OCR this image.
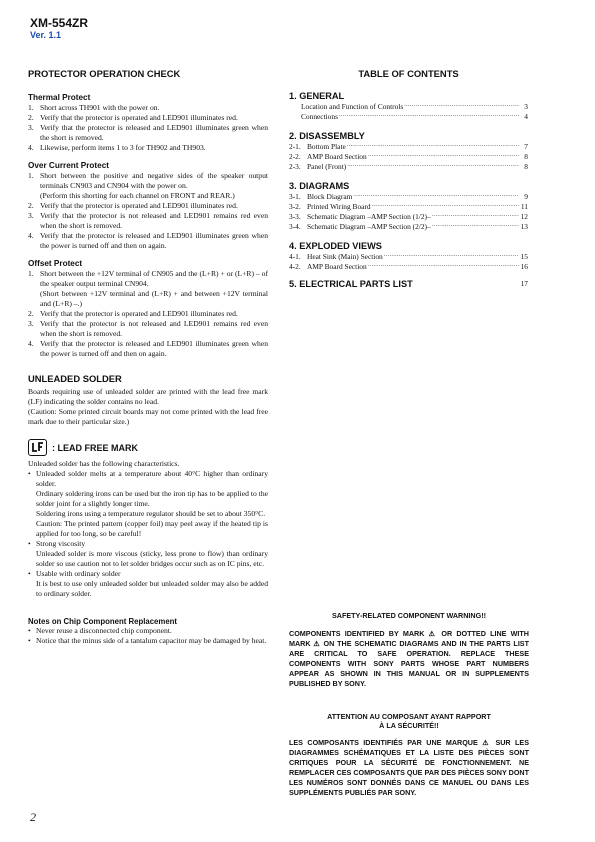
XM-554ZR
Ver. 1.1
PROTECTOR OPERATION CHECK
Thermal Protect
1. Short across TH901 with the power on.
2. Verify that the protector is operated and LED901 illuminates red.
3. Verify that the protector is released and LED901 illuminates green when the short is removed.
4. Likewise, perform items 1 to 3 for TH902 and TH903.
Over Current Protect
1. Short between the positive and negative sides of the speaker output terminals CN903 and CN904 with the power on.
(Perform this shorting for each channel on FRONT and REAR.)
2. Verify that the protector is operated and LED901 illuminates red.
3. Verify that the protector is not released and LED901 remains red even when the short is removed.
4. Verify that the protector is released and LED901 illuminates green when the power is turned off and then on again.
Offset Protect
1. Short between the +12V terminal of CN905 and the (L+R) + or (L+R) – of the speaker output terminal CN904.
(Short between +12V terminal and (L+R) + and between +12V terminal and (L+R) –.)
2. Verify that the protector is operated and LED901 illuminates red.
3. Verify that the protector is not released and LED901 remains red even when the short is removed.
4. Verify that the protector is released and LED901 illuminates green when the power is turned off and then on again.
UNLEADED SOLDER

Boards requiring use of unleaded solder are printed with the lead free mark (LF) indicating the solder contains no lead.

(Caution: Some printed circuit boards may not come printed with the lead free mark due to their particular size.)

: LEAD FREE MARK

Unleaded solder has the following characteristics.

• Unleaded solder melts at a temperature about 40°C higher than ordinary solder.
Ordinary soldering irons can be used but the iron tip has to be applied to the solder joint for a slightly longer time.
Soldering irons using a temperature regulator should be set to about 350°C.
Caution: The printed pattern (copper foil) may peel away if the heated tip is applied for too long, so be careful!
• Strong viscosity
Unleaded solder is more viscous (sticky, less prone to flow) than ordinary solder so use caution not to let solder bridges occur such as on IC pins, etc.
• Usable with ordinary solder
It is best to use only unleaded solder but unleaded solder may also be added to ordinary solder.
Notes on Chip Component Replacement
• Never reuse a disconnected chip component.
• Notice that the minus side of a tantalum capacitor may be damaged by heat.
TABLE OF CONTENTS
1. GENERAL
Location and Function of Controls .....	3
Connections .....	4
2. DISASSEMBLY
2-1. Bottom Plate .....	7
2-2. AMP Board Section .....	8
2-3. Panel (Front) .....	8
3. DIAGRAMS
3-1. Block Diagram .....	9
3-2. Printed Wiring Board .....	11
3-3. Schematic Diagram –AMP Section (1/2)– .....	12
3-4. Schematic Diagram –AMP Section (2/2)– .....	13
4. EXPLODED VIEWS
4-1. Heat Sink (Main) Section .....	15
4-2. AMP Board Section .....	16
5. ELECTRICAL PARTS LIST	17

SAFETY-RELATED COMPONENT WARNING!!

COMPONENTS IDENTIFIED BY MARK ⚠ OR DOTTED LINE WITH MARK ⚠ ON THE SCHEMATIC DIAGRAMS AND IN THE PARTS LIST ARE CRITICAL TO SAFE OPERATION. REPLACE THESE COMPONENTS WITH SONY PARTS WHOSE PART NUMBERS APPEAR AS SHOWN IN THIS MANUAL OR IN SUPPLEMENTS PUBLISHED BY SONY.

ATTENTION AU COMPOSANT AYANT RAPPORT

À LA SÉCURITÉ!!

LES COMPOSANTS IDENTIFIÉS PAR UNE MARQUE ⚠ SUR LES DIAGRAMMES SCHÉMATIQUES ET LA LISTE DES PIÈCES SONT CRITIQUES POUR LA SÉCURITÉ DE FONCTIONNEMENT. NE REMPLACER CES COMPOSANTS QUE PAR DES PIÈCES SONY DONT LES NUMÉROS SONT DONNÉS DANS CE MANUEL OU DANS LES SUPPLÉMENTS PUBLIÉS PAR SONY.

2
